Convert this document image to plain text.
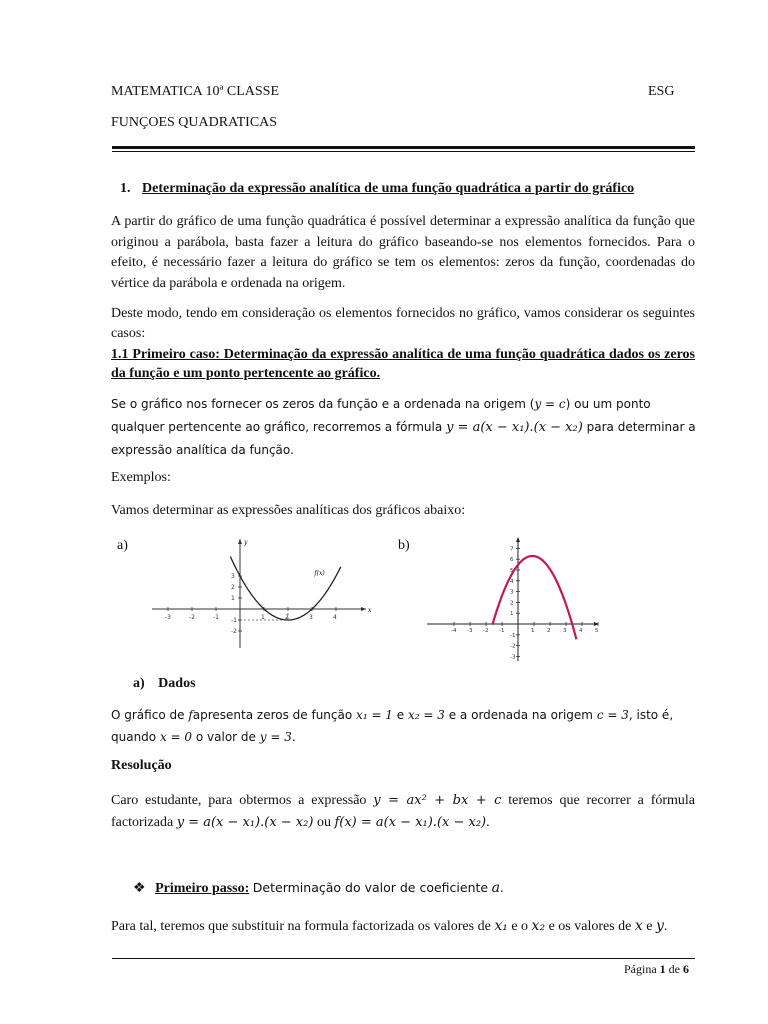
MATEMATICA 10ª CLASSE	ESG
FUNÇOES QUADRATICAS
1. Determinação da expressão analítica de uma função quadrática a partir do gráfico

A partir do gráfico de uma função quadrática é possível determinar a expressão analítica da função que originou a parábola, basta fazer a leitura do gráfico baseando-se nos elementos fornecidos. Para o efeito, é necessário fazer a leitura do gráfico se tem os elementos: zeros da função, coordenadas do vértice da parábola e ordenada na origem.

Deste modo, tendo em consideração os elementos fornecidos no gráfico, vamos considerar os seguintes casos:

1.1 Primeiro caso: Determinação da expressão analítica de uma função quadrática dados os zeros da função e um ponto pertencente ao gráfico.

Se o gráfico nos fornecer os zeros da função e a ordenada na origem (y = c) ou um ponto qualquer pertencente ao gráfico, recorremos a fórmula y = a(x − x₁).(x − x₂) para determinar a expressão analítica da função.

Exemplos:
Vamos determinar as expressões analíticas dos gráficos abaixo:
a)	b)
x
y
-3	-2	-1	1	2	3	4
3
2
1
-1
-2
f(x)
-4 -3 -2 -1	1 2 3 4 5
7
6
5
4
3
2
1
-1
-2
-3
a) Dados

O gráfico de fapresenta zeros de função x₁ = 1 e x₂ = 3 e a ordenada na origem c = 3, isto é, quando x = 0 o valor de y = 3.

Resolução

Caro estudante, para obtermos a expressão y = ax² + bx + c teremos que recorrer a fórmula factorizada y = a(x − x₁).(x − x₂) ou f(x) = a(x − x₁).(x − x₂).

❖ Primeiro passo: Determinação do valor de coeficiente a.

Para tal, teremos que substituir na formula factorizada os valores de x₁ e o x₂ e os valores de x e y.

Página 1 de 6
